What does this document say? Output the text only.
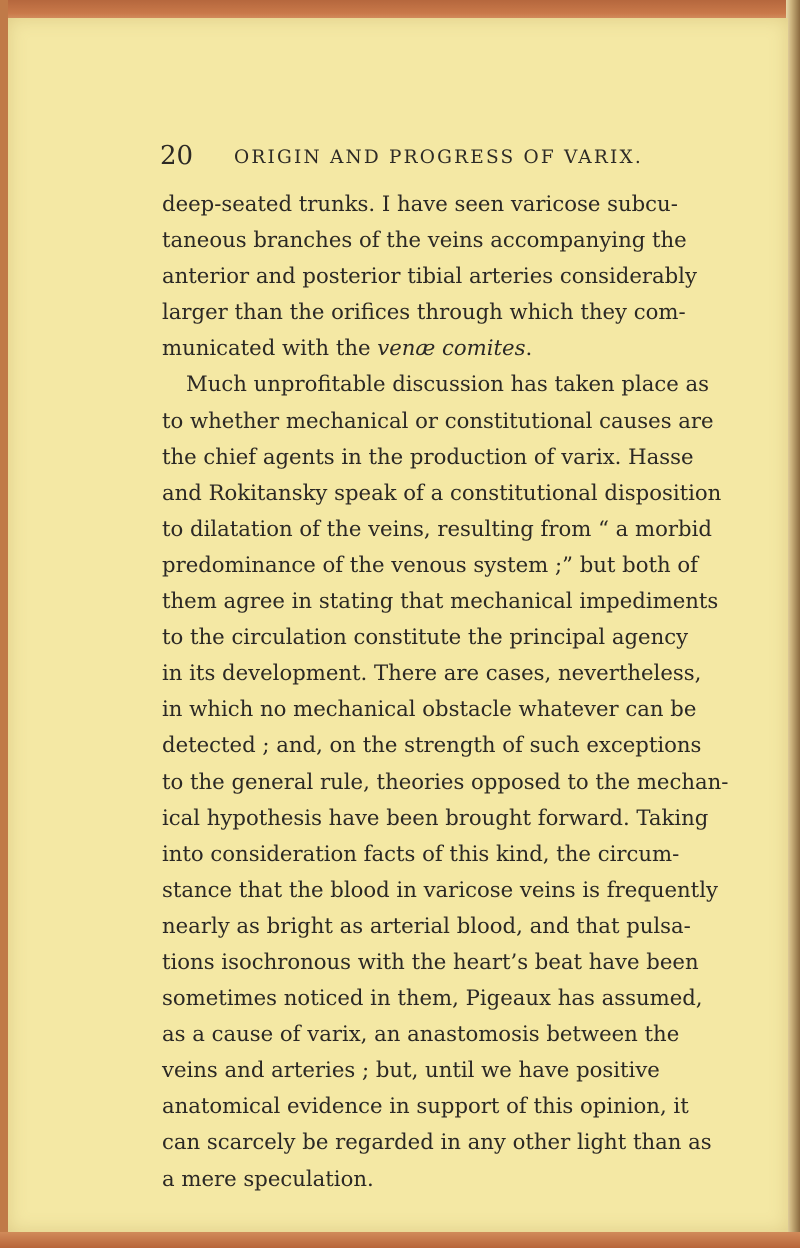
20 ORIGIN AND PROGRESS OF VARIX.
deep-seated trunks. I have seen varicose subcu-
taneous branches of the veins accompanying the
anterior and posterior tibial arteries considerably
larger than the orifices through which they com-
municated with the venæ comites.
Much unprofitable discussion has taken place as
to whether mechanical or constitutional causes are
the chief agents in the production of varix. Hasse
and Rokitansky speak of a constitutional disposition
to dilatation of the veins, resulting from “ a morbid
predominance of the venous system ;” but both of
them agree in stating that mechanical impediments
to the circulation constitute the principal agency
in its development. There are cases, nevertheless,
in which no mechanical obstacle whatever can be
detected ; and, on the strength of such exceptions
to the general rule, theories opposed to the mechan-
ical hypothesis have been brought forward. Taking
into consideration facts of this kind, the circum-
stance that the blood in varicose veins is frequently
nearly as bright as arterial blood, and that pulsa-
tions isochronous with the heart’s beat have been
sometimes noticed in them, Pigeaux has assumed,
as a cause of varix, an anastomosis between the
veins and arteries ; but, until we have positive
anatomical evidence in support of this opinion, it
can scarcely be regarded in any other light than as
a mere speculation.
